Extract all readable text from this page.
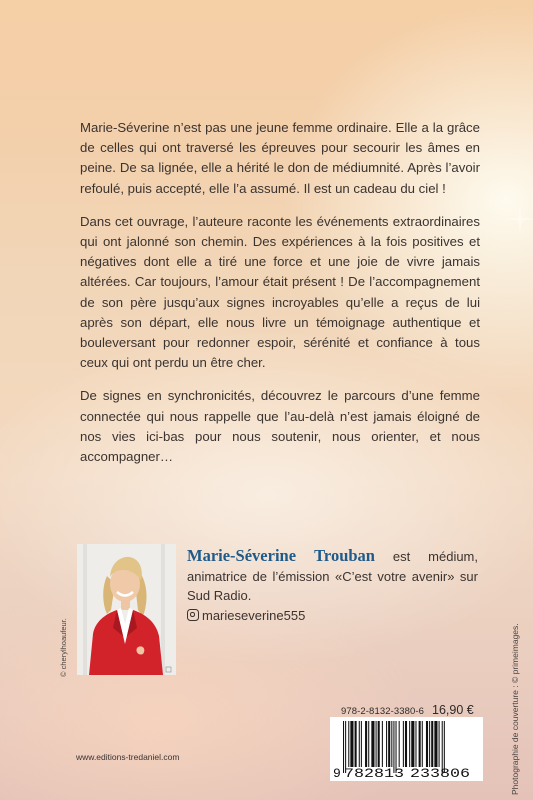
Marie-Séverine n’est pas une jeune femme ordinaire. Elle a la grâce de celles qui ont traversé les épreuves pour secourir les âmes en peine. De sa lignée, elle a hérité le don de médiumnité. Après l’avoir refoulé, puis accepté, elle l’a assumé. Il est un cadeau du ciel !

Dans cet ouvrage, l’auteure raconte les événements extraordinaires qui ont jalonné son chemin. Des expériences à la fois positives et négatives dont elle a tiré une force et une joie de vivre jamais altérées. Car toujours, l’amour était présent ! De l’accompagnement de son père jusqu’aux signes incroyables qu’elle a reçus de lui après son départ, elle nous livre un témoignage authentique et bouleversant pour redonner espoir, sérénité et confiance à tous ceux qui ont perdu un être cher.

De signes en synchronicités, découvrez le parcours d’une femme connectée qui nous rappelle que l’au-delà n’est jamais éloigné de nos vies ici-bas pour nous soutenir, nous orienter, et nous accompagner…

© cherylhoaufeur.
Marie-Séverine Trouban est médium, animatrice de l’émission «C’est votre avenir» sur Sud Radio.
marieseverine555
Photographie de couverture : © primeimages.
978-2-8132-3380-6 16,90 €
9 782813 233806
www.editions-tredaniel.com
